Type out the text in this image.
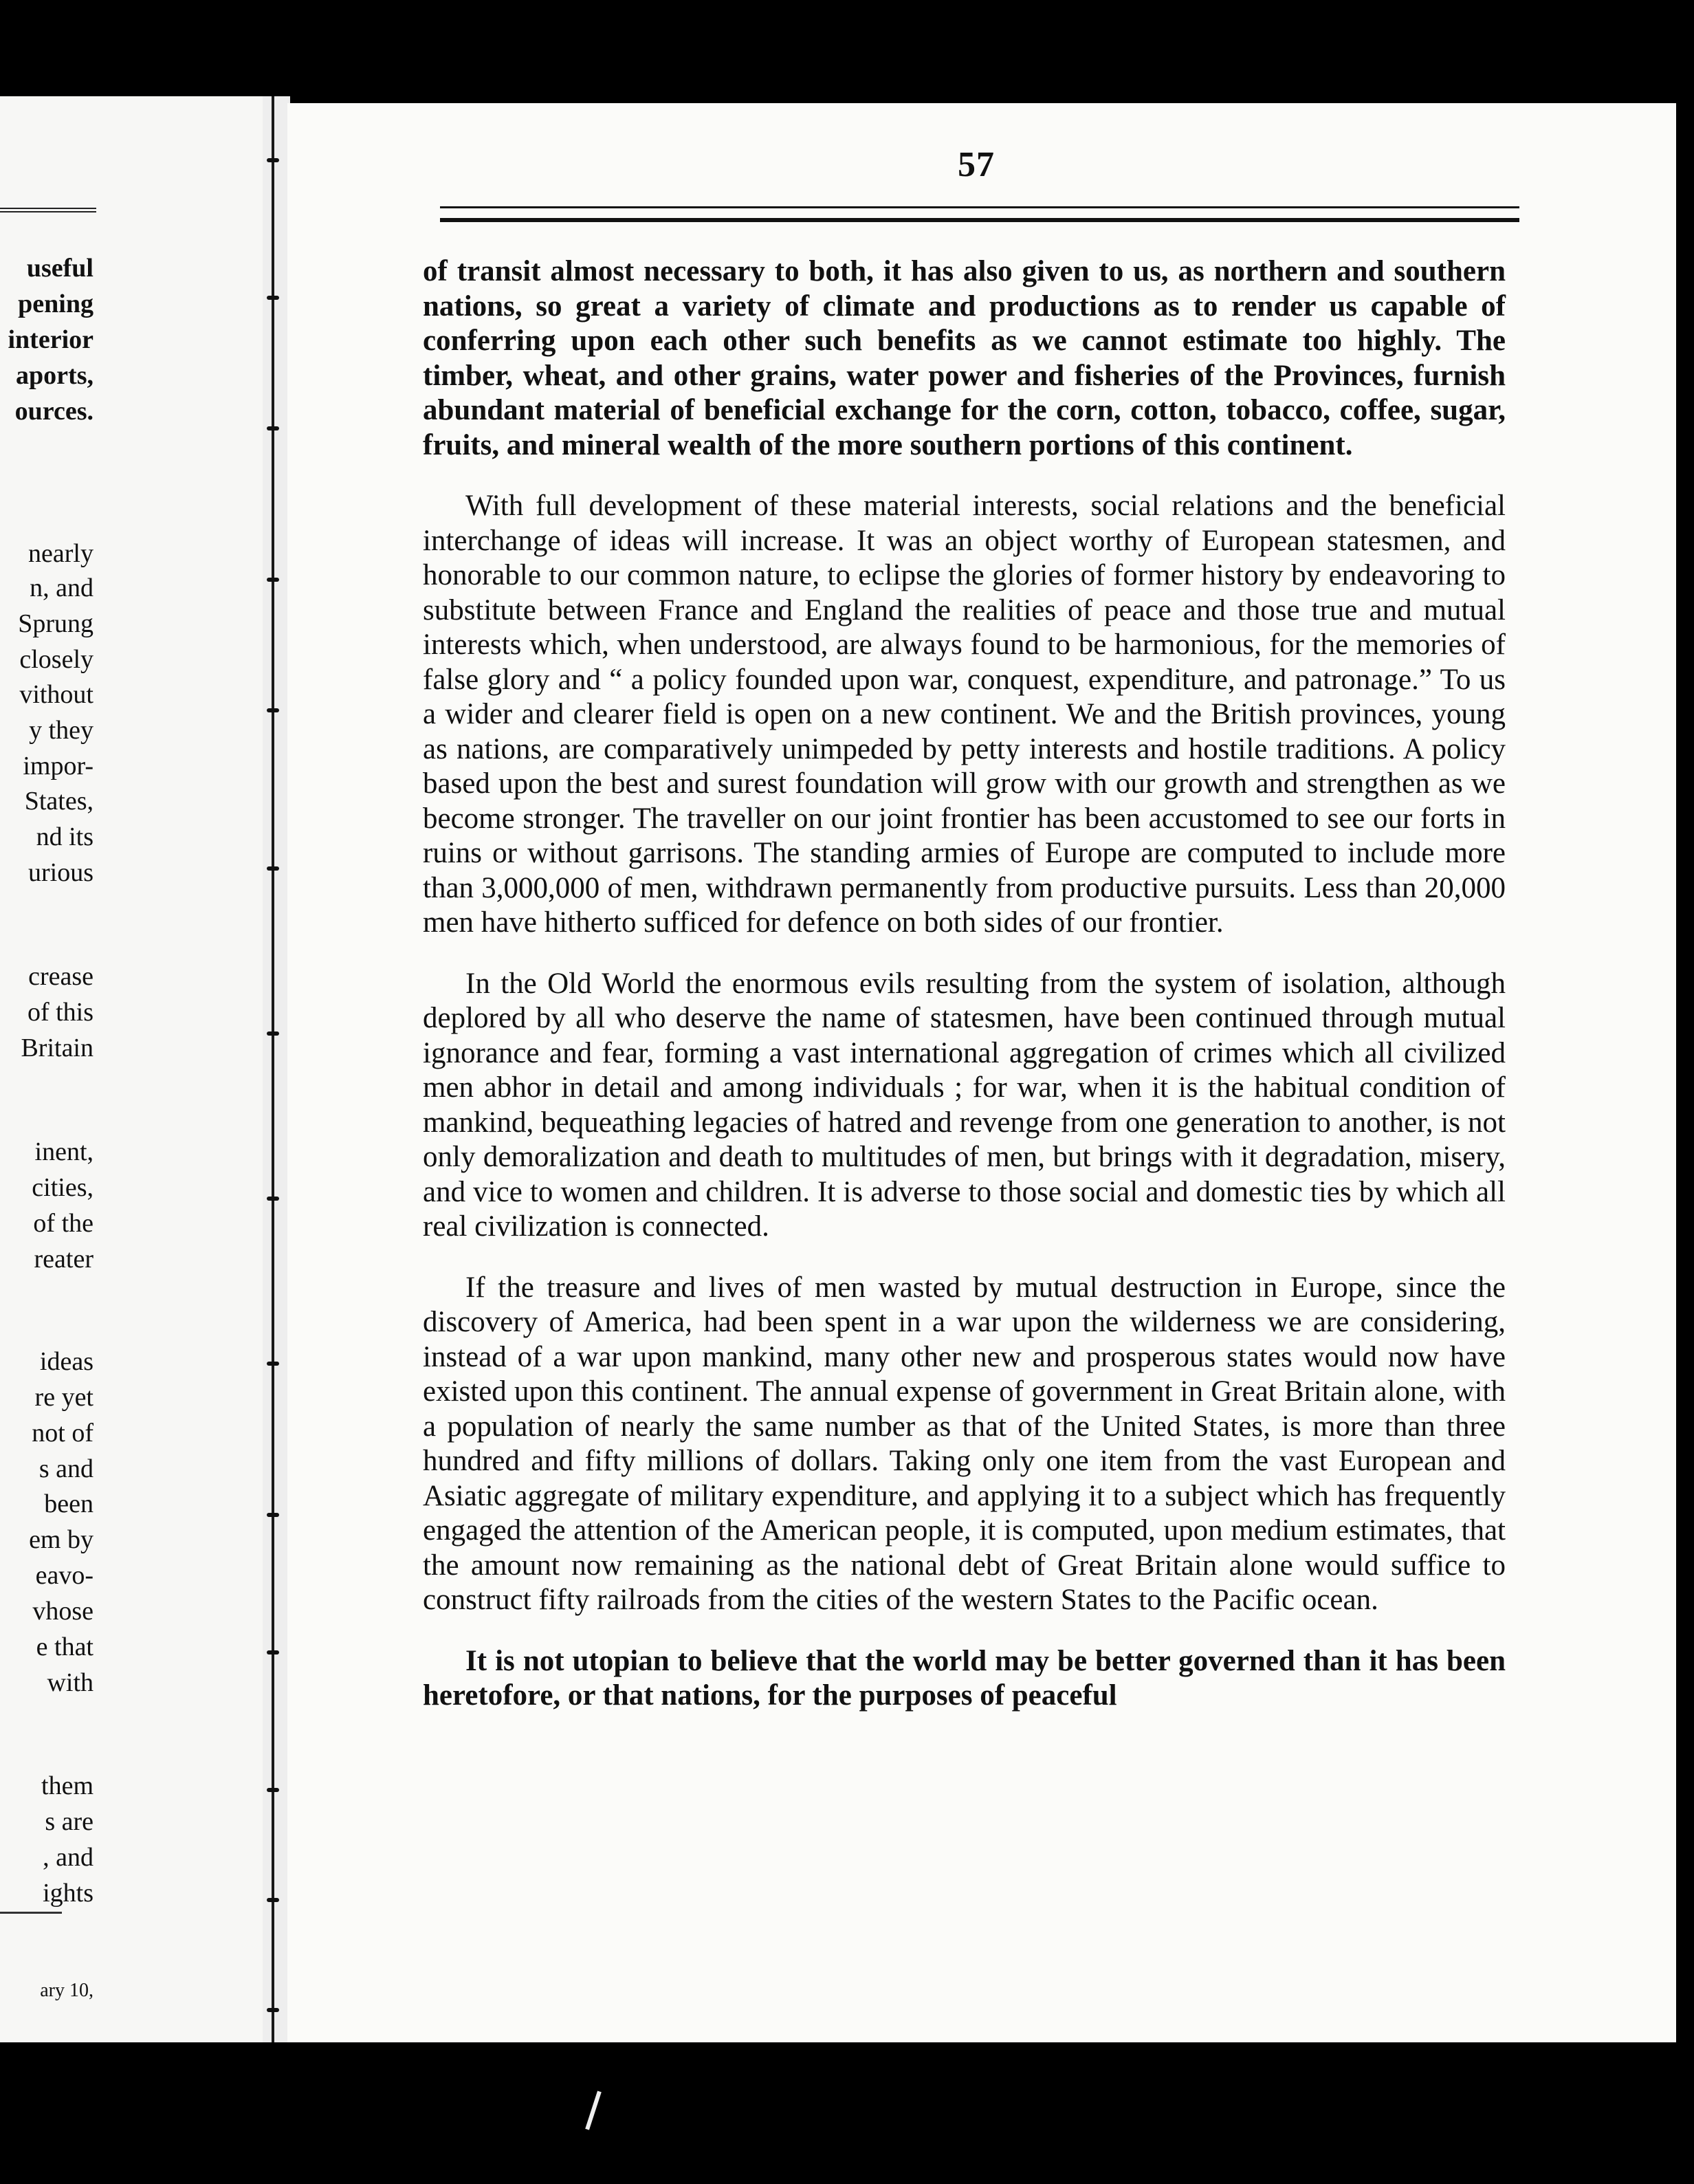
useful
pening
interior
aports,
ources.
nearly
n, and
Sprung
closely
vithout
y they
impor-
States,
nd its
urious
crease
of this
Britain
inent,
cities,
of the
reater
ideas
re yet
not of
s and
been
em by
eavo-
vhose
e that
with
them
s are
, and
ights
ary 10,
57

of transit almost necessary to both, it has also given to us, as northern and southern nations, so great a variety of climate and productions as to render us capable of conferring upon each other such benefits as we cannot estimate too highly. The timber, wheat, and other grains, water power and fisheries of the Provinces, furnish abundant material of beneficial exchange for the corn, cotton, tobacco, coffee, sugar, fruits, and mineral wealth of the more southern portions of this continent.

With full development of these material interests, social relations and the beneficial interchange of ideas will increase. It was an object worthy of European statesmen, and honorable to our common nature, to eclipse the glories of former history by endeavoring to substitute between France and England the realities of peace and those true and mutual interests which, when understood, are always found to be harmonious, for the memories of false glory and “ a policy founded upon war, conquest, expenditure, and patronage.” To us a wider and clearer field is open on a new continent. We and the British provinces, young as nations, are comparatively unimpeded by petty interests and hostile traditions. A policy based upon the best and surest foundation will grow with our growth and strengthen as we become stronger. The traveller on our joint frontier has been accustomed to see our forts in ruins or without garrisons. The standing armies of Europe are computed to include more than 3,000,000 of men, withdrawn permanently from productive pursuits. Less than 20,000 men have hitherto sufficed for defence on both sides of our frontier.

In the Old World the enormous evils resulting from the system of isolation, although deplored by all who deserve the name of statesmen, have been continued through mutual ignorance and fear, forming a vast international aggregation of crimes which all civilized men abhor in detail and among individuals ; for war, when it is the habitual condition of mankind, bequeathing legacies of hatred and revenge from one generation to another, is not only demoralization and death to multitudes of men, but brings with it degradation, misery, and vice to women and children. It is adverse to those social and domestic ties by which all real civilization is connected.

If the treasure and lives of men wasted by mutual destruction in Europe, since the discovery of America, had been spent in a war upon the wilderness we are considering, instead of a war upon mankind, many other new and prosperous states would now have existed upon this continent. The annual expense of government in Great Britain alone, with a population of nearly the same number as that of the United States, is more than three hundred and fifty millions of dollars. Taking only one item from the vast European and Asiatic aggregate of military expenditure, and applying it to a subject which has frequently engaged the attention of the American people, it is computed, upon medium estimates, that the amount now remaining as the national debt of Great Britain alone would suffice to construct fifty railroads from the cities of the western States to the Pacific ocean.

It is not utopian to believe that the world may be better governed than it has been heretofore, or that nations, for the purposes of peaceful
